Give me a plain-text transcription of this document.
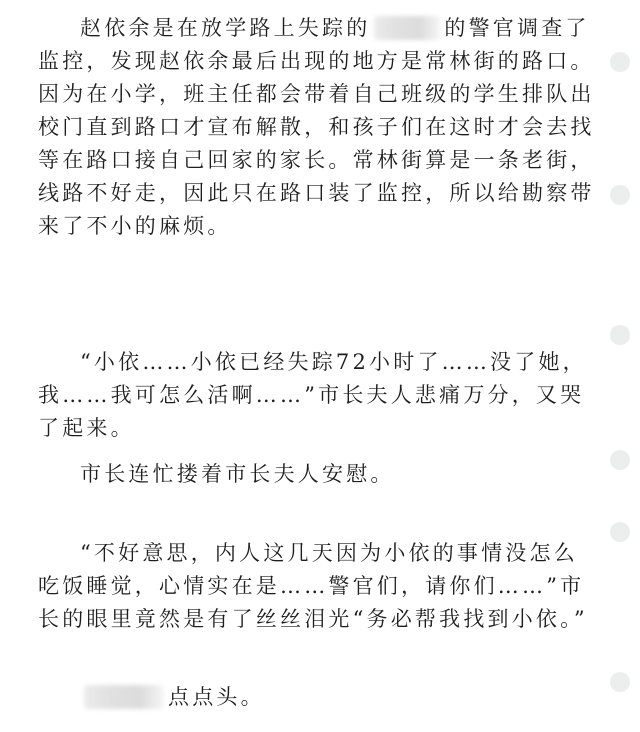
赵依余是在放学路上失踪的	的警官调查了监控，发现赵依余最后出现的地方是常林街的路口。因为在小学，班主任都会带着自己班级的学生排队出校门直到路口才宣布解散，和孩子们在这时才会去找等在路口接自己回家的家长。常林街算是一条老街，线路不好走，因此只在路口装了监控，所以给勘察带来了不小的麻烦。

“小依……小依已经失踪72小时了……没了她，我……我可怎么活啊……”市长夫人悲痛万分，又哭了起来。

市长连忙搂着市长夫人安慰。

“不好意思，内人这几天因为小依的事情没怎么吃饭睡觉，心情实在是……警官们，请你们……”市长的眼里竟然是有了丝丝泪光“务必帮我找到小依。”

点点头。
